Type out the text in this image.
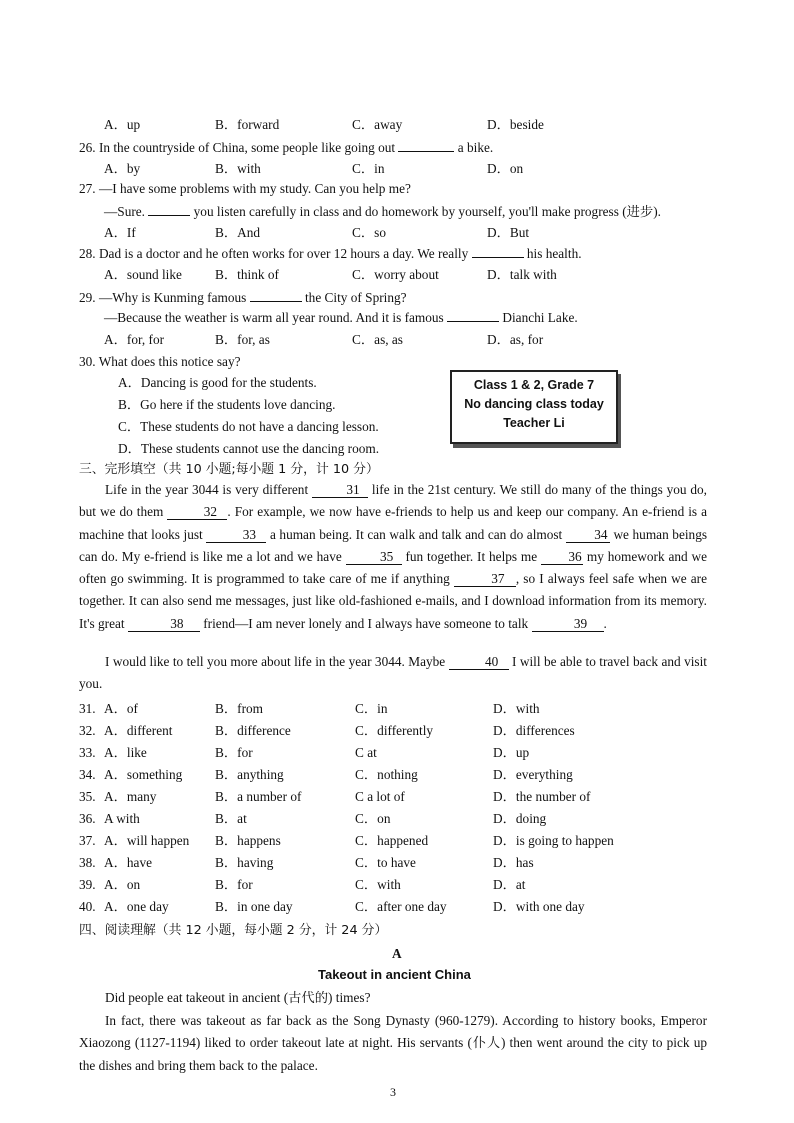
A．up	B．forward	C．away	D．beside
26. In the countryside of China, some people like going out	a bike.
A．by	B．with	C．in	D．on
27. —I have some problems with my study. Can you help me?
—Sure.	you listen carefully in class and do homework by yourself, you'll make progress (进步).
A．If	B．And	C．so	D．But
28. Dad is a doctor and he often works for over 12 hours a day. We really	his health.
A．sound like B．think of	C．worry about	D．talk with
29. —Why is Kunming famous	the City of Spring?
—Because the weather is warm all year round. And it is famous	Dianchi Lake.
A．for, for	B．for, as	C．as, as	D．as, for
30. What does this notice say?
A．Dancing is good for the students.
B．Go here if the students love dancing.
C．These students do not have a dancing lesson.
D．These students cannot use the dancing room.
Class 1 & 2, Grade 7
No dancing class today
Teacher Li
三、完形填空（共 10 小题;每小题 1 分，计 10 分）
Life in the year 3044 is very different	31 life in the 21st century. We still do many of the things you do, but we do them	32 . For example, we now have e-friends to help us and keep our company. An e-friend is a machine that looks just	33 a human being. It can walk and talk and can do almost 34 we human beings can do. My e-friend is like me a lot and we have	35 fun together. It helps me 36 my homework and we often go swimming. It is programmed to take care of me if anything	37 , so I always feel safe when we are together. It can also send me messages, just like old-fashioned e-mails, and I download information from its memory. It's great	38 friend—I am never lonely and I always have someone to talk	39 .
I would like to tell you more about life in the year 3044. Maybe	40 I will be able to travel back and visit you.
31. A．of	B．from	C．in	D．with
32. A．different	B．difference	C．differently	D．differences
33. A．like	B．for	C at	D．up
34. A．something B．anything	C．nothing	D．everything
35. A．many	B．a number of	C a lot of	D．the number of
36. A with	B．at	C．on	D．doing
37. A．will happen B．happens	C．happened	D．is going to happen
38. A．have	B．having	C．to have	D．has
39. A．on	B．for	C．with	D．at
40. A．one day	B．in one day	C．after one day	D．with one day
四、阅读理解（共 12 小题，每小题 2 分，计 24 分）
A
Takeout in ancient China
Did people eat takeout in ancient (古代的) times?
In fact, there was takeout as far back as the Song Dynasty (960-1279). According to history books, Emperor Xiaozong (1127-1194) liked to order takeout late at night. His servants (仆人) then went around the city to pick up the dishes and bring them back to the palace.
3
